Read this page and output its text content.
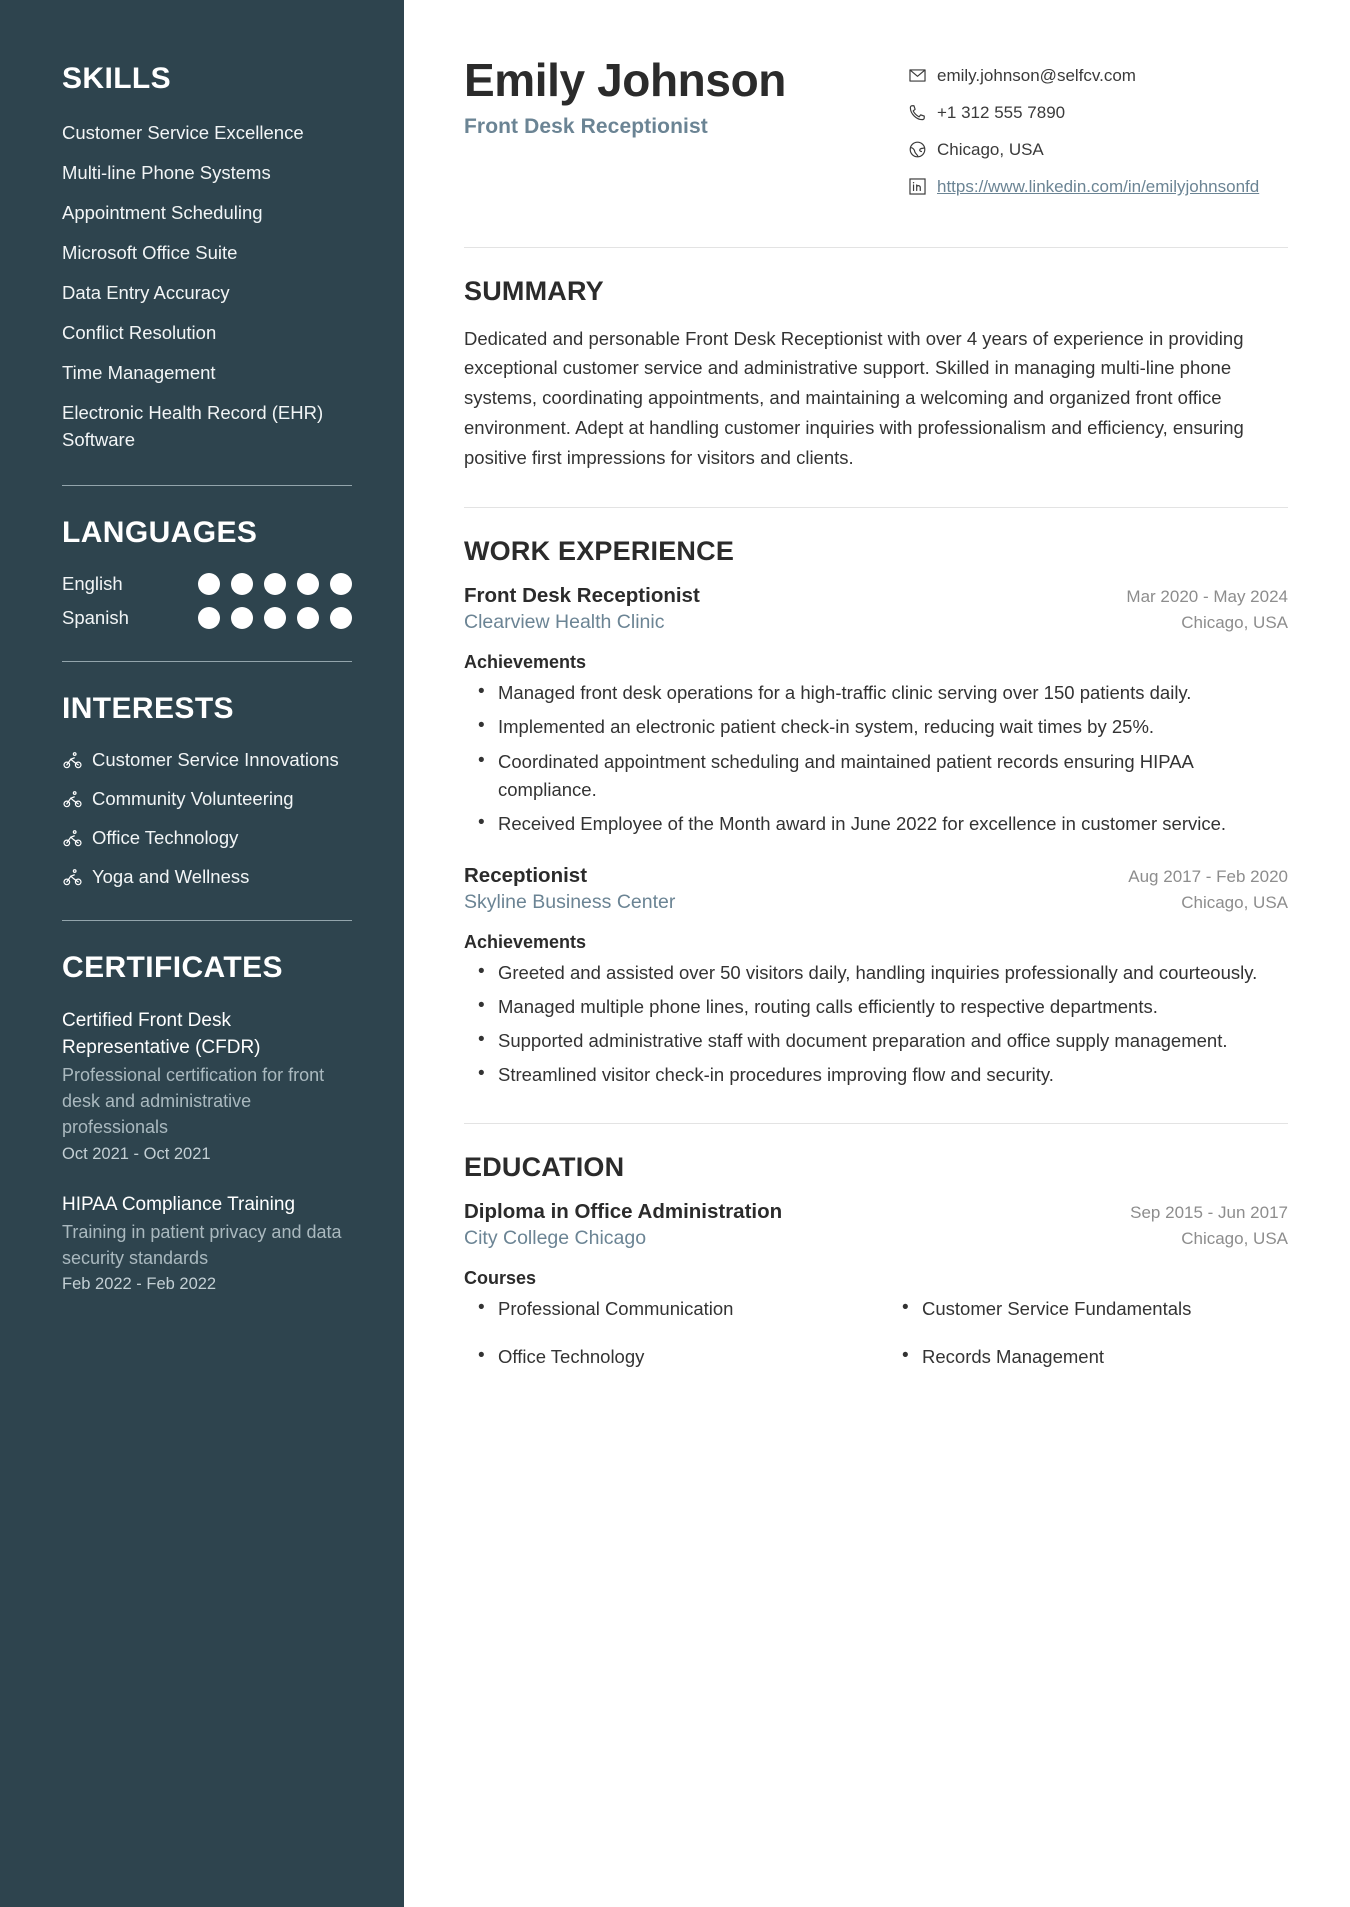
SKILLS
Customer Service Excellence
Multi-line Phone Systems
Appointment Scheduling
Microsoft Office Suite
Data Entry Accuracy
Conflict Resolution
Time Management
Electronic Health Record (EHR) Software
LANGUAGES
English
Spanish
INTERESTS
Customer Service Innovations
Community Volunteering
Office Technology
Yoga and Wellness
CERTIFICATES
Certified Front Desk Representative (CFDR)
Professional certification for front desk and administrative professionals
Oct 2021 - Oct 2021
HIPAA Compliance Training
Training in patient privacy and data security standards
Feb 2022 - Feb 2022
Emily Johnson
Front Desk Receptionist
emily.johnson@selfcv.com
+1 312 555 7890
Chicago, USA
https://www.linkedin.com/in/emilyjohnsonfd
SUMMARY

Dedicated and personable Front Desk Receptionist with over 4 years of experience in providing exceptional customer service and administrative support. Skilled in managing multi-line phone systems, coordinating appointments, and maintaining a welcoming and organized front office environment. Adept at handling customer inquiries with professionalism and efficiency, ensuring positive first impressions for visitors and clients.

WORK EXPERIENCE
Front Desk Receptionist	Mar 2020 - May 2024
Clearview Health Clinic	Chicago, USA
Achievements
• Managed front desk operations for a high-traffic clinic serving over 150 patients daily.
• Implemented an electronic patient check-in system, reducing wait times by 25%.
• Coordinated appointment scheduling and maintained patient records ensuring HIPAA compliance.
• Received Employee of the Month award in June 2022 for excellence in customer service.
Receptionist	Aug 2017 - Feb 2020
Skyline Business Center	Chicago, USA
Achievements
• Greeted and assisted over 50 visitors daily, handling inquiries professionally and courteously.
• Managed multiple phone lines, routing calls efficiently to respective departments.
• Supported administrative staff with document preparation and office supply management.
• Streamlined visitor check-in procedures improving flow and security.
EDUCATION
Diploma in Office Administration	Sep 2015 - Jun 2017
City College Chicago	Chicago, USA
Courses
• Professional Communication	• Customer Service Fundamentals
• Office Technology	• Records Management
